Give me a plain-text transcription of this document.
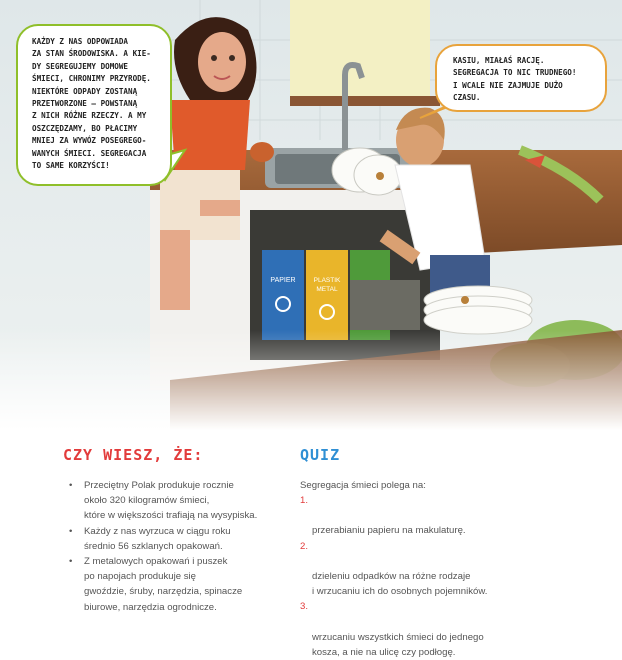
PAPIER	PLASTIK
METAL
KAŻDY Z NAS ODPOWIADA
ZA STAN ŚRODOWISKA. A KIE-
DY SEGREGUJEMY DOMOWE
ŚMIECI, CHRONIMY PRZYRODĘ.
NIEKTÓRE ODPADY ZOSTANĄ
PRZETWORZONE – POWSTANĄ
Z NICH RÓŻNE RZECZY. A MY
OSZCZĘDZAMY, BO PŁACIMY
MNIEJ ZA WYWÓZ POSEGREGO-
WANYCH ŚMIECI. SEGREGACJA
TO SAME KORZYŚCI!
KASIU, MIAŁAŚ RACJĘ.
SEGREGACJA TO NIC TRUDNEGO!
I WCALE NIE ZAJMUJE DUŻO
CZASU.
CZY WIESZ, ŻE:
• Przeciętny Polak produkuje rocznie
około 320 kilogramów śmieci,
które w większości trafiają na wysypiska.
• Każdy z nas wyrzuca w ciągu roku
średnio 56 szklanych opakowań.
• Z metalowych opakowań i puszek
po napojach produkuje się
gwoździe, śruby, narzędzia, spinacze
biurowe, narzędzia ogrodnicze.
QUIZ
Segregacja śmieci polega na:

1.

przerabianiu papieru na makulaturę.

2.

dzieleniu odpadków na różne rodzaje
i wrzucaniu ich do osobnych pojemników.

3.

wrzucaniu wszystkich śmieci do jednego
kosza, a nie na ulicę czy podłogę.
